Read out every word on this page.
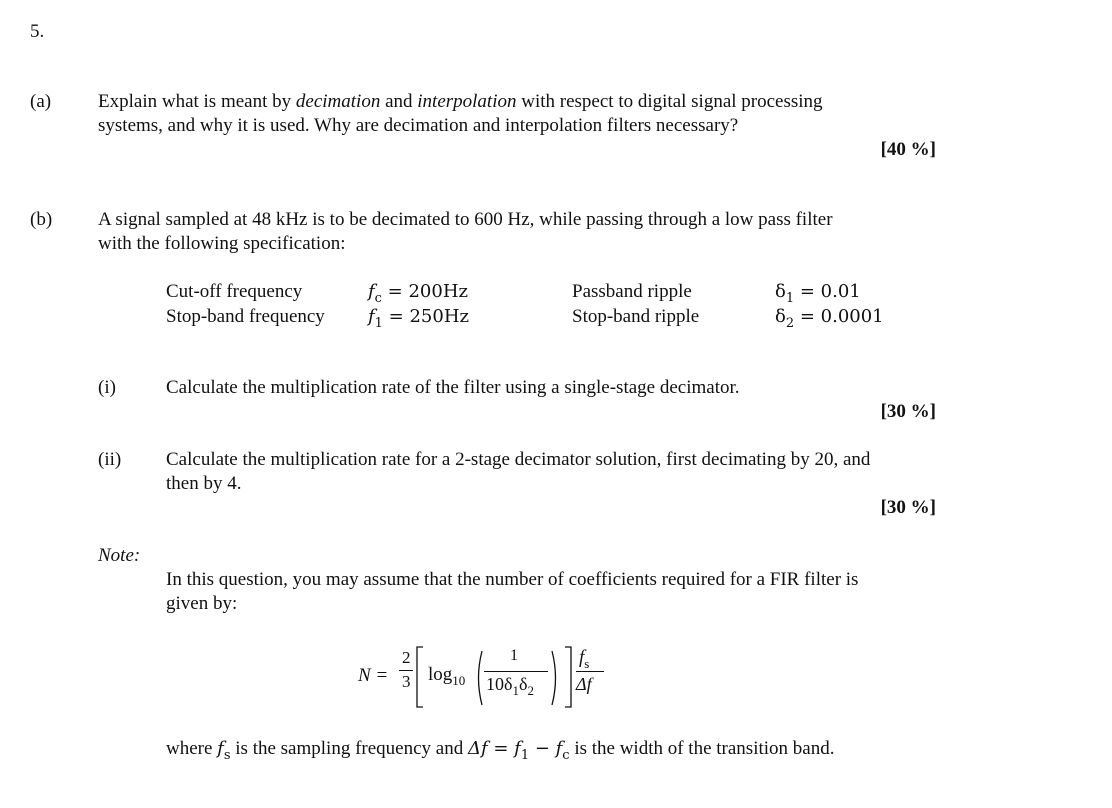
5.
(a) Explain what is meant by decimation and interpolation with respect to digital signal processing
systems, and why it is used. Why are decimation and interpolation filters necessary?
[40 %]
(b) A signal sampled at 48 kHz is to be decimated to 600 Hz, while passing through a low pass filter
with the following specification:
Cut-off frequency	$f_c = 200Hz$	Passband ripple	$\delta_1 = 0.01$
Stop-band frequency $f_1 = 250Hz$	Stop-band ripple	$\delta_2 = 0.0001$
(i)	Calculate the multiplication rate of the filter using a single-stage decimator.
[30 %]
(ii) Calculate the multiplication rate for a 2-stage decimator solution, first decimating by 20, and
then by 4.
[30 %]
Note:
In this question, you may assume that the number of coefficients required for a FIR filter is
given by:
N =
2
3 $\log_{10}$
1
$10\delta_1\delta_2$
$f_s$
Δf
where $f_s$ is the sampling frequency and $\Delta f = f_1 - f_c$ is the width of the transition band.
